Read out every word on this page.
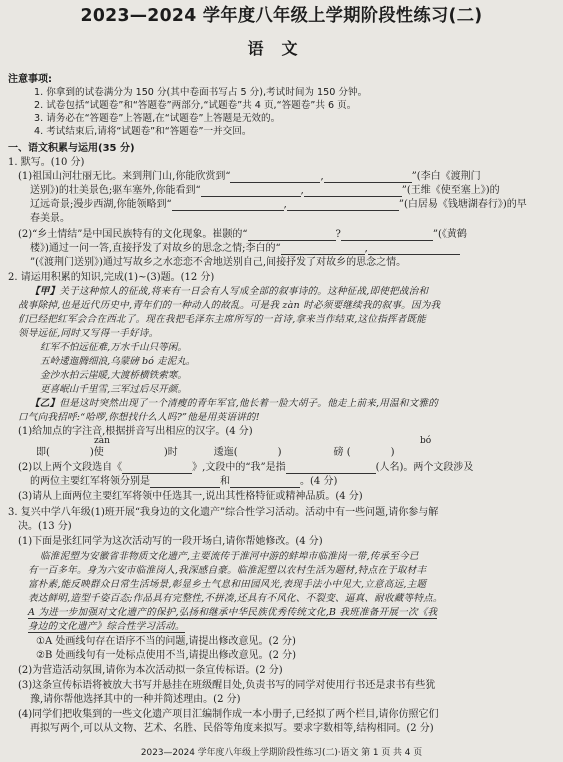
2023—2024 学年度八年级上学期阶段性练习(二)
语文
注意事项:
1. 你拿到的试卷满分为 150 分(其中卷面书写占 5 分),考试时间为 150 分钟。
2. 试卷包括“试题卷”和“答题卷”两部分,“试题卷”共 4 页,“答题卷”共 6 页。
3. 请务必在“答题卷”上答题,在“试题卷”上答题是无效的。
4. 考试结束后,请将“试题卷”和“答题卷”一并交回。
一、语文积累与运用(35 分)
1. 默写。(10 分)
(1)祖国山河壮丽无比。来到荆门山,你能欣赏到“	,	”(李白《渡荆门
送别》)的壮美景色;驱车塞外,你能看到“	,	”(王维《使至塞上》)的
辽远奇景;漫步西湖,你能领略到“	,	”(白居易《钱塘湖春行》)的早
春美景。
(2)“乡土情结”是中国民族特有的文化现象。崔颢的“	?	”(《黄鹤
楼》)通过一问一答,直接抒发了对故乡的思念之情;李白的“	,
”(《渡荆门送别》)通过写故乡之水恋恋不舍地送别自己,间接抒发了对故乡的思念之情。
2. 请运用积累的知识,完成(1)~(3)题。(12 分)
【甲】关于这种惊人的征战,将来有一日会有人写成全部的叙事诗的。这种征战,即使把战治和
战事除掉,也是近代历史中,青年们的一种动人的故乱。可是我 zàn 时必须要继续我的叙事。因为我
们已经把红军会合在西北了。现在我把毛泽东主席所写的一首诗,拿来当作结束,这位指挥者既能
领导远征,同时又写得一手好诗。
红军不怕远征难,万水千山只等闲。
五岭逶迤腾细浪,乌蒙磅 bó 走泥丸。
金沙水拍云崖暖,大渡桥横铁索寒。
更喜岷山千里雪,三军过后尽开颜。
【乙】但是这时突然出现了一个清瘦的青年军官,他长着一脸大胡子。他走上前来,用温和文雅的
口气向我招呼:“哈啰,你想找什么人吗?”他是用英语讲的!
(1)给加点的字注音,根据拼音写出相应的汉字。(4 分)
zàn	bó
即(	)使	)时	逶迤(	)	磅 (	)
(2)以上两个文段选自《	》,文段中的“我”是指	(人名)。两个文段涉及
的两位主要红军将领分别是	和	。(4 分)
(3)请从上面两位主要红军将领中任选其一,说出其性格特征或精神品质。(4 分)
3. 复兴中学八年级(1)班开展“我身边的文化遗产”综合性学习活动。活动中有一些问题,请你参与解
决。(13 分)
(1)下面是张红同学为这次活动写的一段开场白,请你帮她修改。(4 分)
临淮泥塑为安徽省非物质文化遗产,主要流传于淮河中游的蚌埠市临淮岗一带,传承至今已
有一百多年。身为六安市临淮岗人,我深感自豪。临淮泥塑以农村生活为题材,特点在于取材丰
富朴素,能反映群众日常生活场景,彰显乡土气息和田园风光,表现手法小中见大,立意高远,主题
表达鲜明,造型千姿百态;作品具有完整性,不拼凑,还具有不风化、不裂变、逼真、耐收藏等特点。
A 为进一步加强对文化遗产的保护,弘扬和继承中华民族优秀传统文化,B 我班准备开展一次《我
身边的文化遗产》综合性学习活动。
①A 处画线句存在语序不当的问题,请提出修改意见。(2 分)
②B 处画线句有一处标点使用不当,请提出修改意见。(2 分)
(2)为营造活动氛围,请你为本次活动拟一条宣传标语。(2 分)
(3)这条宣传标语将被放大书写并悬挂在班级醒目处,负责书写的同学对使用行书还是隶书有些犹
豫,请你帮他选择其中的一种并简述理由。(2 分)
(4)同学们把收集到的一些文化遗产项目汇编制作成一本小册子,已经拟了两个栏目,请你仿照它们
再拟写两个,可以从文物、艺术、名胜、民俗等角度来拟写。要求字数相等,结构相同。(2 分)
2023—2024 学年度八年级上学期阶段性练习(二)·语文 第 1 页 共 4 页
